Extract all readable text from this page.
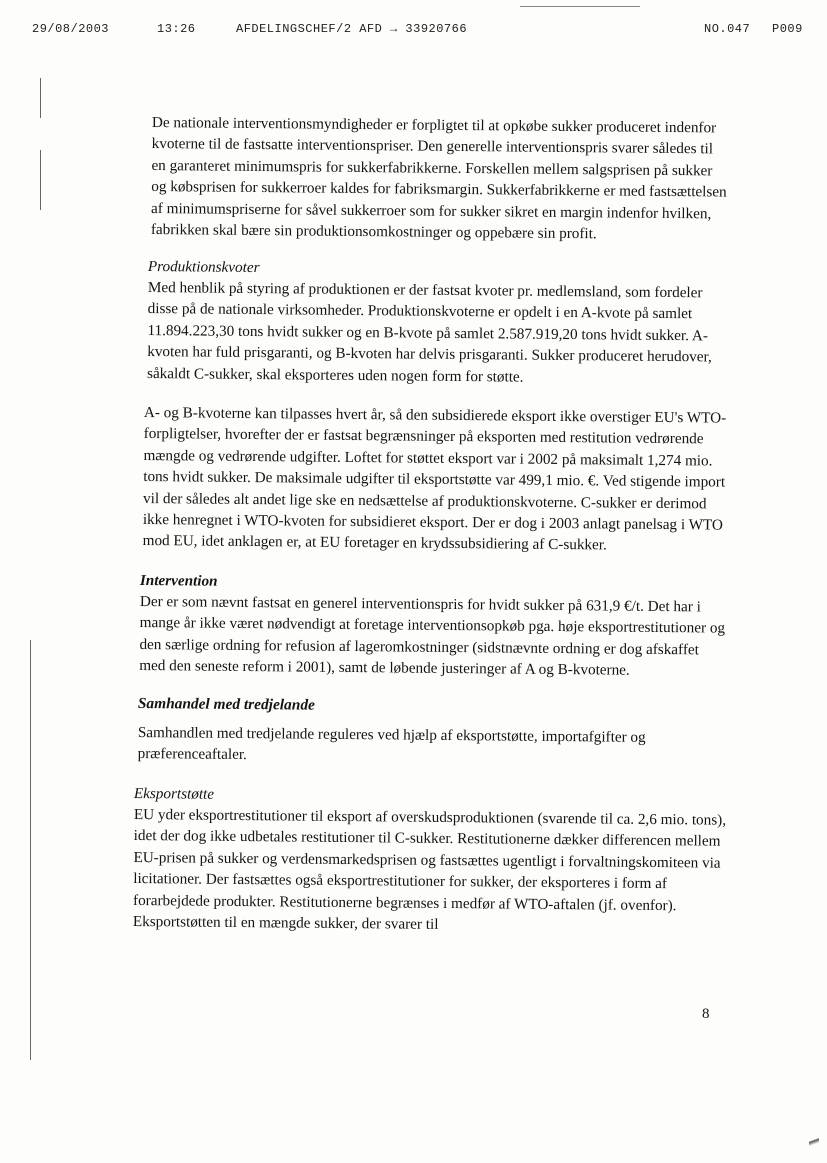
29/08/2003	13:26	AFDELINGSCHEF/2 AFD → 33920766	NO.047 P009

De nationale interventionsmyndigheder er forpligtet til at opkøbe sukker produceret indenfor kvoterne til de fastsatte interventionspriser. Den generelle interventionspris svarer således til en garanteret minimumspris for sukkerfabrikkerne. Forskellen mellem salgsprisen på sukker og købsprisen for sukkerroer kaldes for fabriksmargin. Sukkerfabrikkerne er med fastsættelsen af minimumspriserne for såvel sukkerroer som for sukker sikret en margin indenfor hvilken, fabrikken skal bære sin produktionsomkostninger og oppebære sin profit.

Produktionskvoter

Med henblik på styring af produktionen er der fastsat kvoter pr. medlemsland, som fordeler disse på de nationale virksomheder. Produktionskvoterne er opdelt i en A-kvote på samlet 11.894.223,30 tons hvidt sukker og en B-kvote på samlet 2.587.919,20 tons hvidt sukker. A-kvoten har fuld prisgaranti, og B-kvoten har delvis prisgaranti. Sukker produceret herudover, såkaldt C-sukker, skal eksporteres uden nogen form for støtte.

A- og B-kvoterne kan tilpasses hvert år, så den subsidierede eksport ikke overstiger EU's WTO-forpligtelser, hvorefter der er fastsat begrænsninger på eksporten med restitution vedrørende mængde og vedrørende udgifter. Loftet for støttet eksport var i 2002 på maksimalt 1,274 mio. tons hvidt sukker. De maksimale udgifter til eksportstøtte var 499,1 mio. €. Ved stigende import vil der således alt andet lige ske en nedsættelse af produktionskvoterne. C-sukker er derimod ikke henregnet i WTO-kvoten for subsidieret eksport. Der er dog i 2003 anlagt panelsag i WTO mod EU, idet anklagen er, at EU foretager en krydssubsidiering af C-sukker.

Intervention

Der er som nævnt fastsat en generel interventionspris for hvidt sukker på 631,9 €/t. Det har i mange år ikke været nødvendigt at foretage interventionsopkøb pga. høje eksportrestitutioner og den særlige ordning for refusion af lageromkostninger (sidstnævnte ordning er dog afskaffet med den seneste reform i 2001), samt de løbende justeringer af A og B-kvoterne.

Samhandel med tredjelande

Samhandlen med tredjelande reguleres ved hjælp af eksportstøtte, importafgifter og præferenceaftaler.

Eksportstøtte

EU yder eksportrestitutioner til eksport af overskudsproduktionen (svarende til ca. 2,6 mio. tons), idet der dog ikke udbetales restitutioner til C-sukker. Restitutionerne dækker differencen mellem EU-prisen på sukker og verdensmarkedsprisen og fastsættes ugentligt i forvaltningskomiteen via licitationer. Der fastsættes også eksportrestitutioner for sukker, der eksporteres i form af forarbejdede produkter. Restitutionerne begrænses i medfør af WTO-aftalen (jf. ovenfor). Eksportstøtten til en mængde sukker, der svarer til

8
